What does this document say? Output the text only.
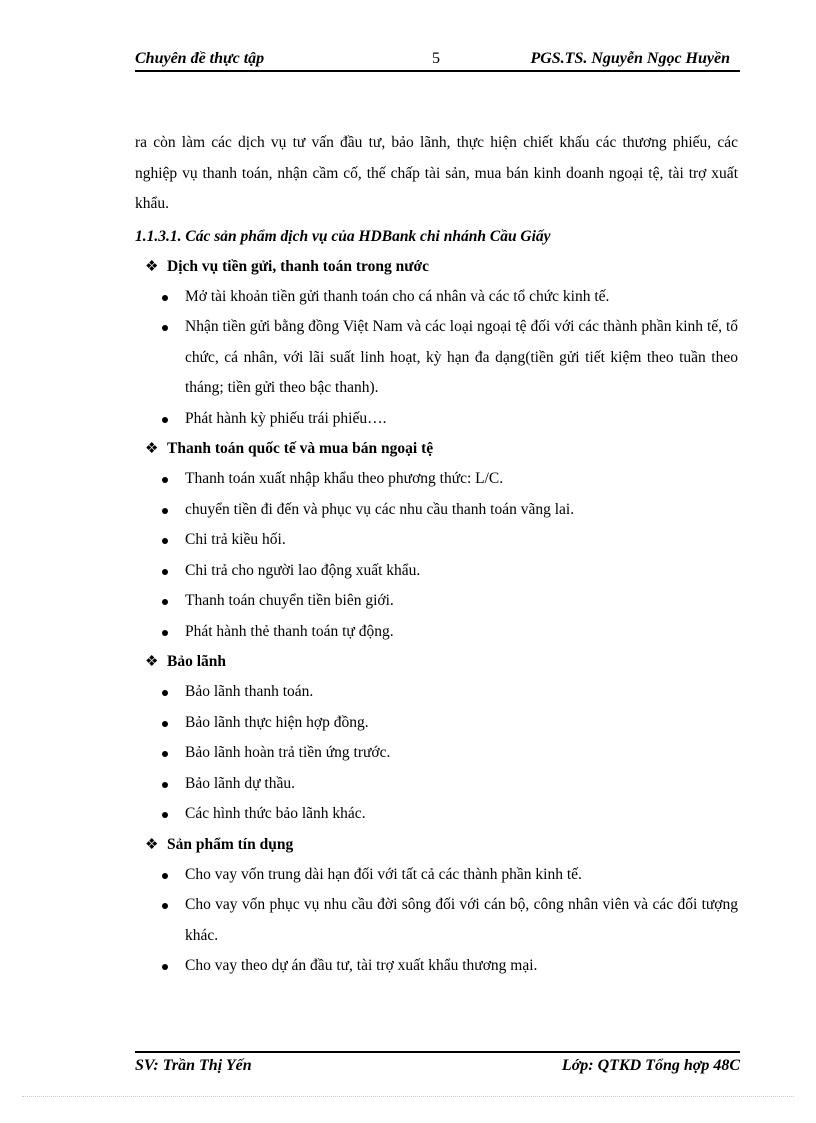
Chuyên đề thực tập	5	PGS.TS. Nguyễn Ngọc Huyền

ra còn làm các dịch vụ tư vấn đầu tư, bảo lãnh, thực hiện chiết khấu các thương phiếu, các nghiệp vụ thanh toán, nhận cầm cố, thế chấp tài sản, mua bán kinh doanh ngoại tệ, tài trợ xuất khẩu.

1.1.3.1. Các sản phẩm dịch vụ của HDBank chi nhánh Cầu Giấy
❖ Dịch vụ tiền gửi, thanh toán trong nước
Mở tài khoản tiền gửi thanh toán cho cá nhân và các tổ chức kinh tế.
Nhận tiền gửi bằng đồng Việt Nam và các loại ngoại tệ đối với các thành phần kinh tế, tổ chức, cá nhân, với lãi suất linh hoạt, kỳ hạn đa dạng(tiền gửi tiết kiệm theo tuần theo tháng; tiền gửi theo bậc thanh).
Phát hành kỳ phiếu trái phiếu….
❖ Thanh toán quốc tế và mua bán ngoại tệ
Thanh toán xuất nhập khẩu theo phương thức: L/C.
chuyển tiền đi đến và phục vụ các nhu cầu thanh toán vãng lai.
Chi trả kiều hối.
Chi trả cho người lao động xuất khẩu.
Thanh toán chuyển tiền biên giới.
Phát hành thẻ thanh toán tự động.
❖ Bảo lãnh
Bảo lãnh thanh toán.
Bảo lãnh thực hiện hợp đồng.
Bảo lãnh hoàn trả tiền ứng trước.
Bảo lãnh dự thầu.
Các hình thức bảo lãnh khác.
❖ Sản phẩm tín dụng
Cho vay vốn trung dài hạn đối với tất cả các thành phần kinh tế.
Cho vay vốn phục vụ nhu cầu đời sông đối với cán bộ, công nhân viên và các đối tượng khác.
Cho vay theo dự án đầu tư, tài trợ xuất khẩu thương mại.
SV: Trần Thị Yến	Lớp: QTKD Tổng hợp 48C
